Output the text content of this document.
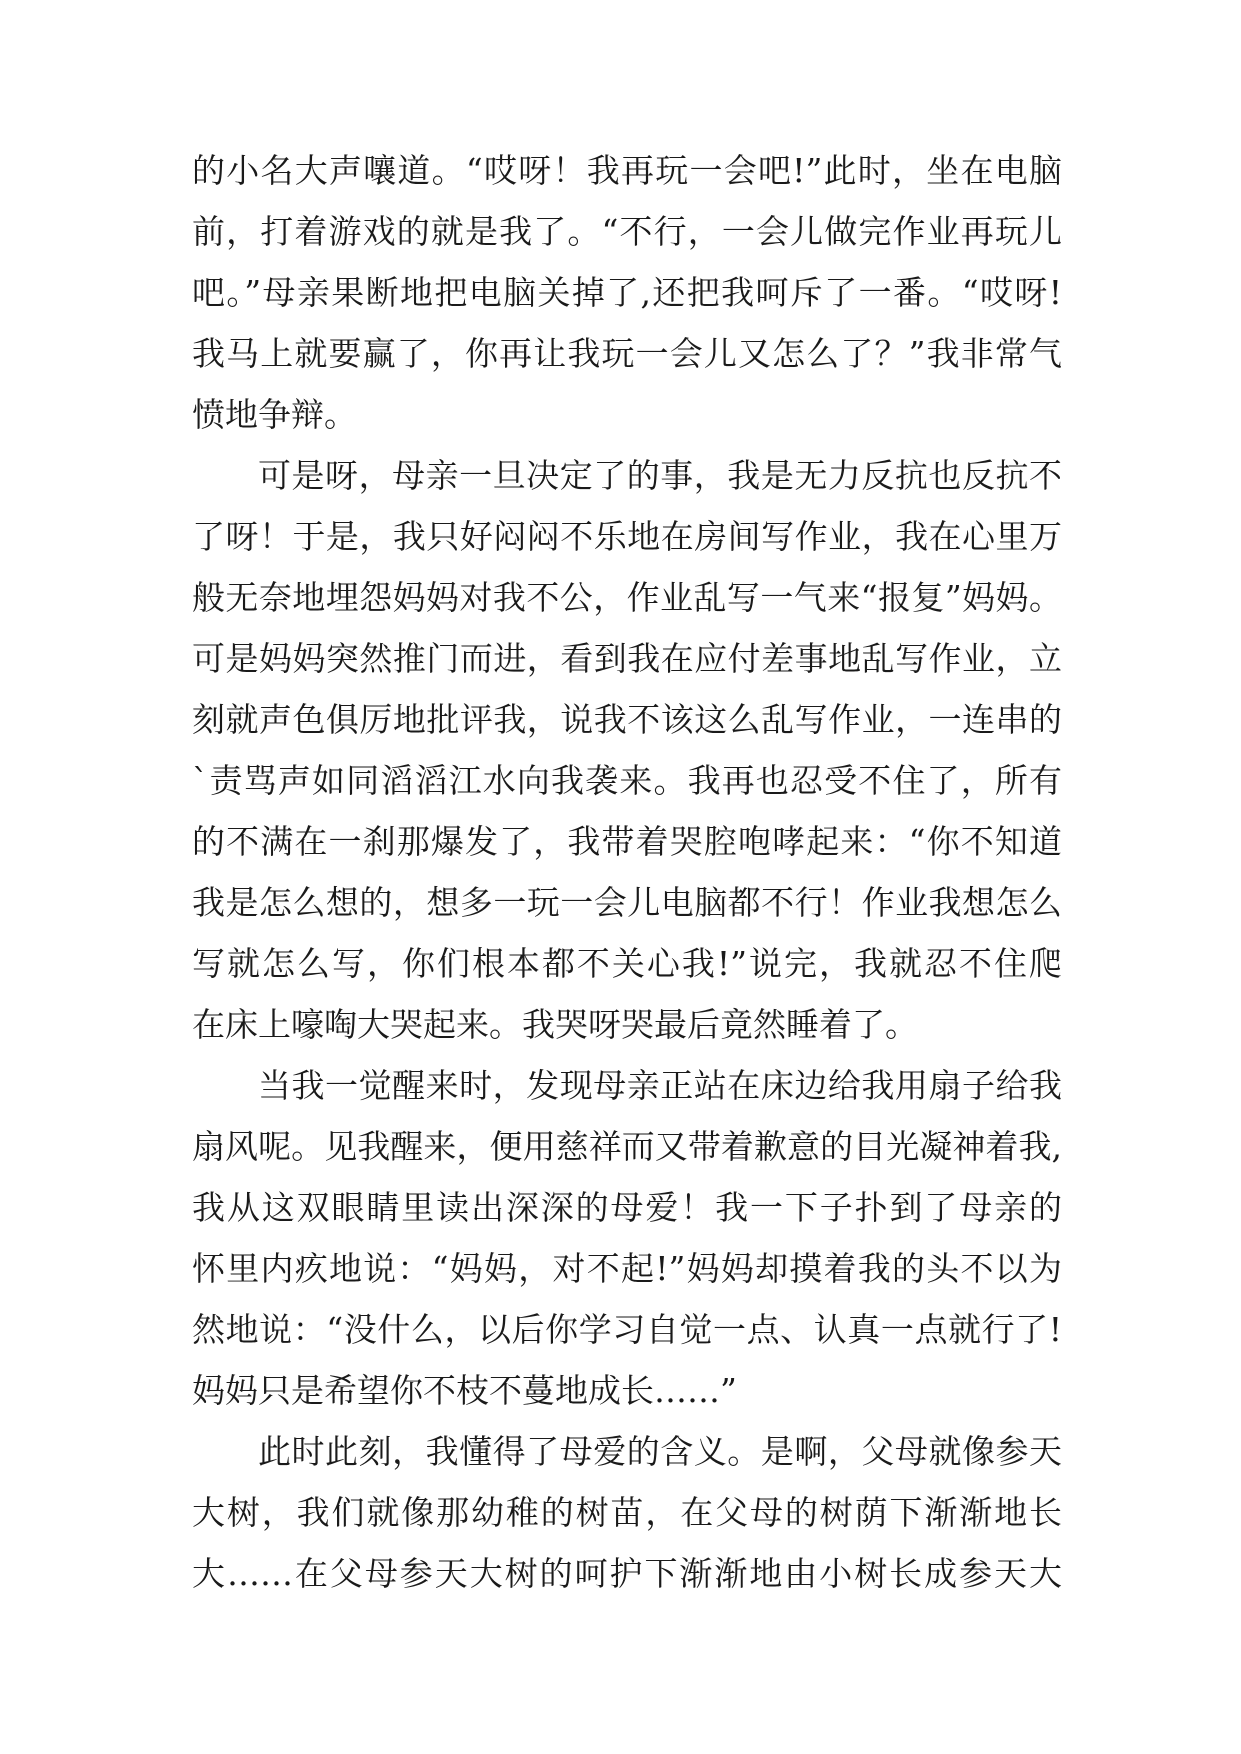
的小名大声嚷道。“哎呀！我再玩一会吧!”此时，坐在电脑
前，打着游戏的就是我了。“不行，一会儿做完作业再玩儿
吧。”母亲果断地把电脑关掉了,还把我呵斥了一番。“哎呀!
我马上就要赢了，你再让我玩一会儿又怎么了？”我非常气
愤地争辩。
可是呀，母亲一旦决定了的事，我是无力反抗也反抗不
了呀！于是，我只好闷闷不乐地在房间写作业，我在心里万
般无奈地埋怨妈妈对我不公，作业乱写一气来“报复”妈妈。
可是妈妈突然推门而进，看到我在应付差事地乱写作业，立
刻就声色俱厉地批评我，说我不该这么乱写作业，一连串的
`责骂声如同滔滔江水向我袭来。我再也忍受不住了，所有
的不满在一刹那爆发了，我带着哭腔咆哮起来：“你不知道
我是怎么想的，想多一玩一会儿电脑都不行！作业我想怎么
写就怎么写，你们根本都不关心我!”说完，我就忍不住爬
在床上嚎啕大哭起来。我哭呀哭最后竟然睡着了。
当我一觉醒来时，发现母亲正站在床边给我用扇子给我
扇风呢。见我醒来，便用慈祥而又带着歉意的目光凝神着我,
我从这双眼睛里读出深深的母爱！我一下子扑到了母亲的
怀里内疚地说：“妈妈，对不起!”妈妈却摸着我的头不以为
然地说：“没什么，以后你学习自觉一点、认真一点就行了!
妈妈只是希望你不枝不蔓地成长……”
此时此刻，我懂得了母爱的含义。是啊，父母就像参天
大树，我们就像那幼稚的树苗，在父母的树荫下渐渐地长
大……在父母参天大树的呵护下渐渐地由小树长成参天大
